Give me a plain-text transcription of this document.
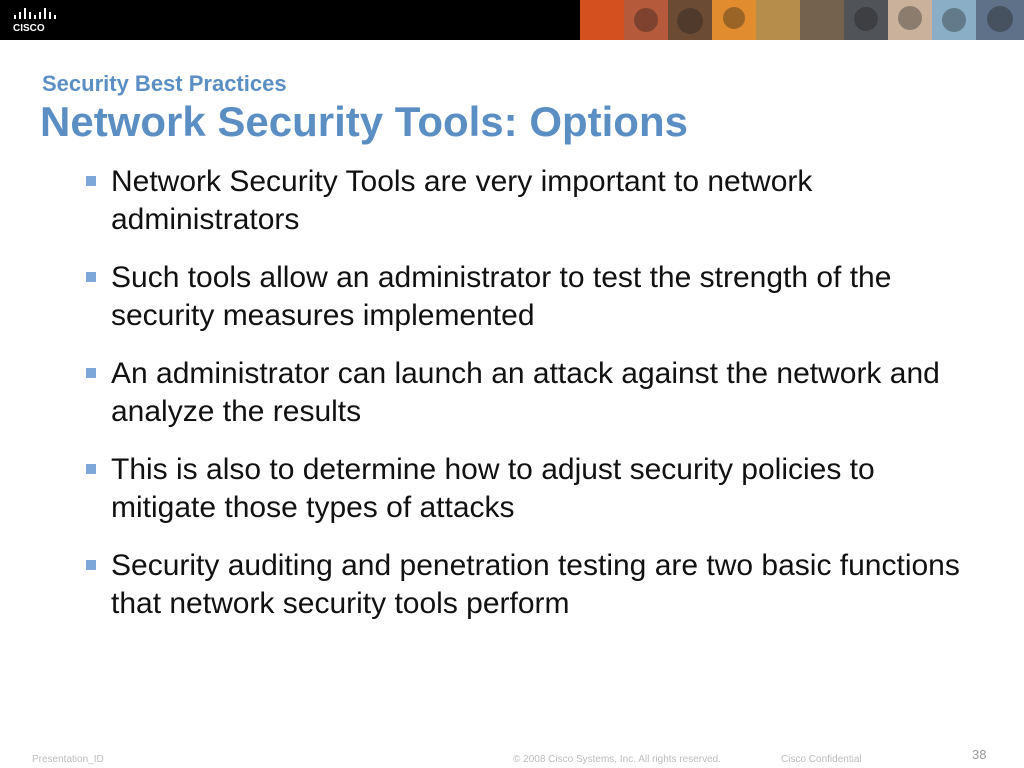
CISCO
Security Best Practices
Network Security Tools: Options
Network Security Tools are very important to network administrators
Such tools allow an administrator to test the strength of the security measures implemented
An administrator can launch an attack against the network and analyze the results
This is also to determine how to adjust security policies to mitigate those types of attacks
Security auditing and penetration testing are two basic functions that network security tools perform
Presentation_ID	© 2008 Cisco Systems, Inc. All rights reserved.	Cisco Confidential	38
